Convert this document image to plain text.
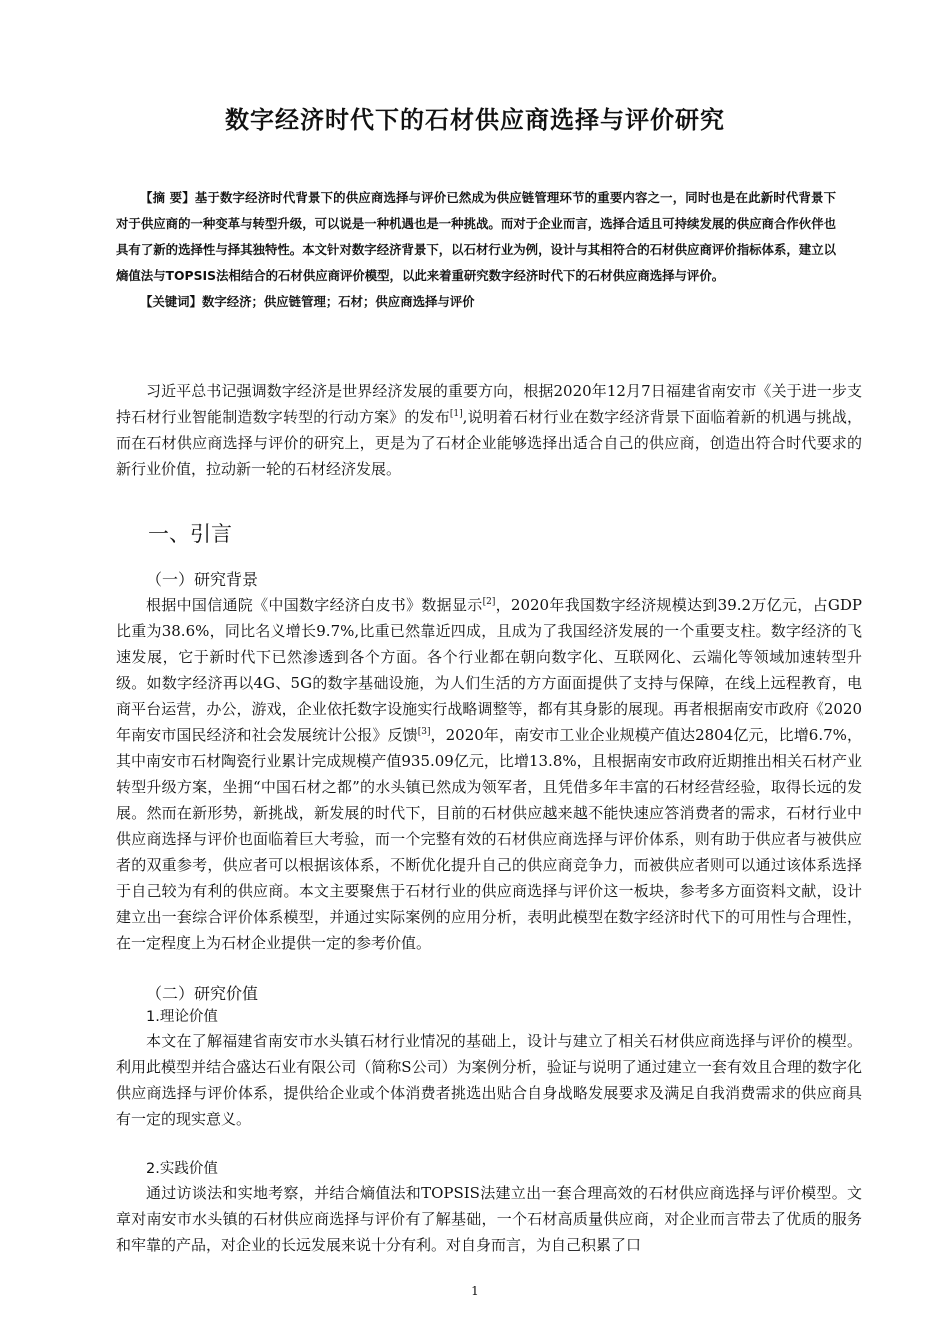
数字经济时代下的石材供应商选择与评价研究

【摘 要】基于数字经济时代背景下的供应商选择与评价已然成为供应链管理环节的重要内容之一，同时也是在此新时代背景下对于供应商的一种变革与转型升级，可以说是一种机遇也是一种挑战。而对于企业而言，选择合适且可持续发展的供应商合作伙伴也具有了新的选择性与择其独特性。本文针对数字经济背景下，以石材行业为例，设计与其相符合的石材供应商评价指标体系，建立以熵值法与TOPSIS法相结合的石材供应商评价模型，以此来着重研究数字经济时代下的石材供应商选择与评价。

【关键词】数字经济；供应链管理；石材；供应商选择与评价

习近平总书记强调数字经济是世界经济发展的重要方向，根据2020年12月7日福建省南安市《关于进一步支持石材行业智能制造数字转型的行动方案》的发布[1],说明着石材行业在数字经济背景下面临着新的机遇与挑战，而在石材供应商选择与评价的研究上，更是为了石材企业能够选择出适合自己的供应商，创造出符合时代要求的新行业价值，拉动新一轮的石材经济发展。

一、引言
（一）研究背景

根据中国信通院《中国数字经济白皮书》数据显示[2]，2020年我国数字经济规模达到39.2万亿元，占GDP比重为38.6%，同比名义增长9.7%,比重已然靠近四成，且成为了我国经济发展的一个重要支柱。数字经济的飞速发展，它于新时代下已然渗透到各个方面。各个行业都在朝向数字化、互联网化、云端化等领域加速转型升级。如数字经济再以4G、5G的数字基础设施，为人们生活的方方面面提供了支持与保障，在线上远程教育，电商平台运营，办公，游戏，企业依托数字设施实行战略调整等，都有其身影的展现。再者根据南安市政府《2020年南安市国民经济和社会发展统计公报》反馈[3]，2020年，南安市工业企业规模产值达2804亿元，比增6.7%，其中南安市石材陶瓷行业累计完成规模产值935.09亿元，比增13.8%，且根据南安市政府近期推出相关石材产业转型升级方案，坐拥“中国石材之都”的水头镇已然成为领军者，且凭借多年丰富的石材经营经验，取得长远的发展。然而在新形势，新挑战，新发展的时代下，目前的石材供应越来越不能快速应答消费者的需求，石材行业中供应商选择与评价也面临着巨大考验，而一个完整有效的石材供应商选择与评价体系，则有助于供应者与被供应者的双重参考，供应者可以根据该体系，不断优化提升自己的供应商竞争力，而被供应者则可以通过该体系选择于自己较为有利的供应商。本文主要聚焦于石材行业的供应商选择与评价这一板块，参考多方面资料文献，设计建立出一套综合评价体系模型，并通过实际案例的应用分析，表明此模型在数字经济时代下的可用性与合理性，在一定程度上为石材企业提供一定的参考价值。

（二）研究价值
1.理论价值

本文在了解福建省南安市水头镇石材行业情况的基础上，设计与建立了相关石材供应商选择与评价的模型。利用此模型并结合盛达石业有限公司（简称S公司）为案例分析，验证与说明了通过建立一套有效且合理的数字化供应商选择与评价体系，提供给企业或个体消费者挑选出贴合自身战略发展要求及满足自我消费需求的供应商具有一定的现实意义。

2.实践价值

通过访谈法和实地考察，并结合熵值法和TOPSIS法建立出一套合理高效的石材供应商选择与评价模型。文章对南安市水头镇的石材供应商选择与评价有了解基础，一个石材高质量供应商，对企业而言带去了优质的服务和牢靠的产品，对企业的长远发展来说十分有利。对自身而言，为自己积累了口

1
